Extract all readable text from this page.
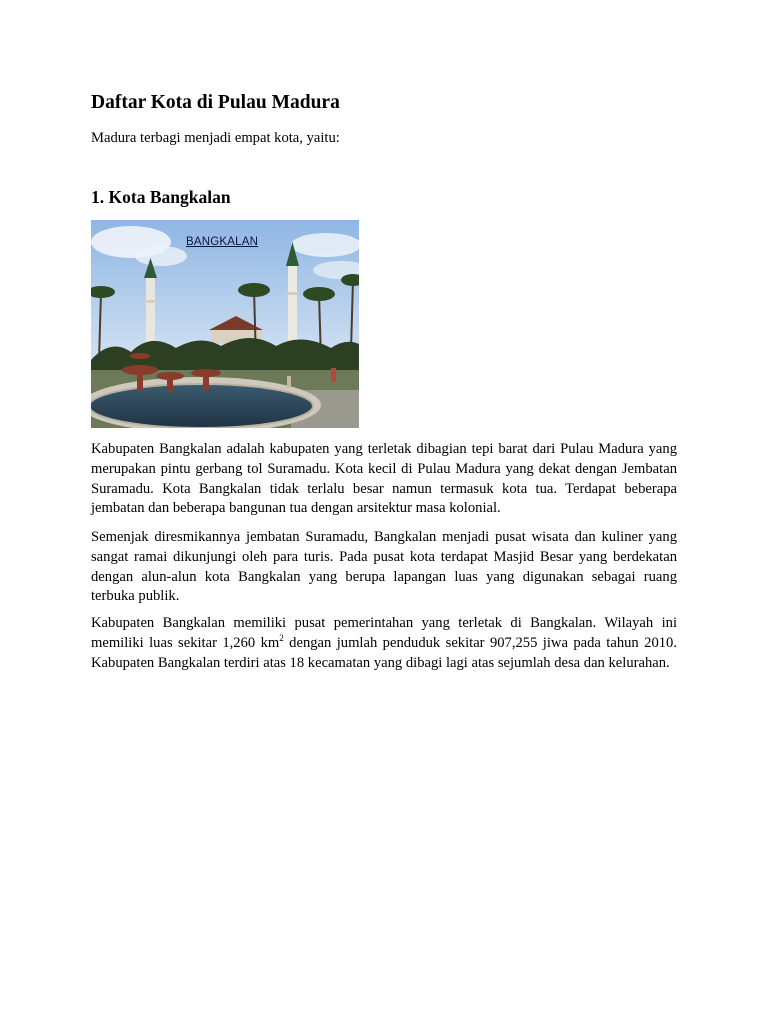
Daftar Kota di Pulau Madura

Madura terbagi menjadi empat kota, yaitu:

1. Kota Bangkalan
BANGKALAN
Kabupaten Bangkalan adalah kabupaten yang terletak dibagian tepi barat dari Pulau Madura yang
merupakan pintu gerbang tol Suramadu. Kota kecil di Pulau Madura yang dekat dengan Jembatan
Suramadu. Kota Bangkalan tidak terlalu besar namun termasuk kota tua. Terdapat beberapa
jembatan dan beberapa bangunan tua dengan arsitektur masa kolonial.
Semenjak diresmikannya jembatan Suramadu, Bangkalan menjadi pusat wisata dan kuliner yang
sangat ramai dikunjungi oleh para turis. Pada pusat kota terdapat Masjid Besar yang berdekatan
dengan alun-alun kota Bangkalan yang berupa lapangan luas yang digunakan sebagai ruang
terbuka publik.
Kabupaten Bangkalan memiliki pusat pemerintahan yang terletak di Bangkalan. Wilayah ini
memiliki luas sekitar 1,260 $km^2$ dengan jumlah penduduk sekitar 907,255 jiwa pada tahun 2010.
Kabupaten Bangkalan terdiri atas 18 kecamatan yang dibagi lagi atas sejumlah desa dan kelurahan.
